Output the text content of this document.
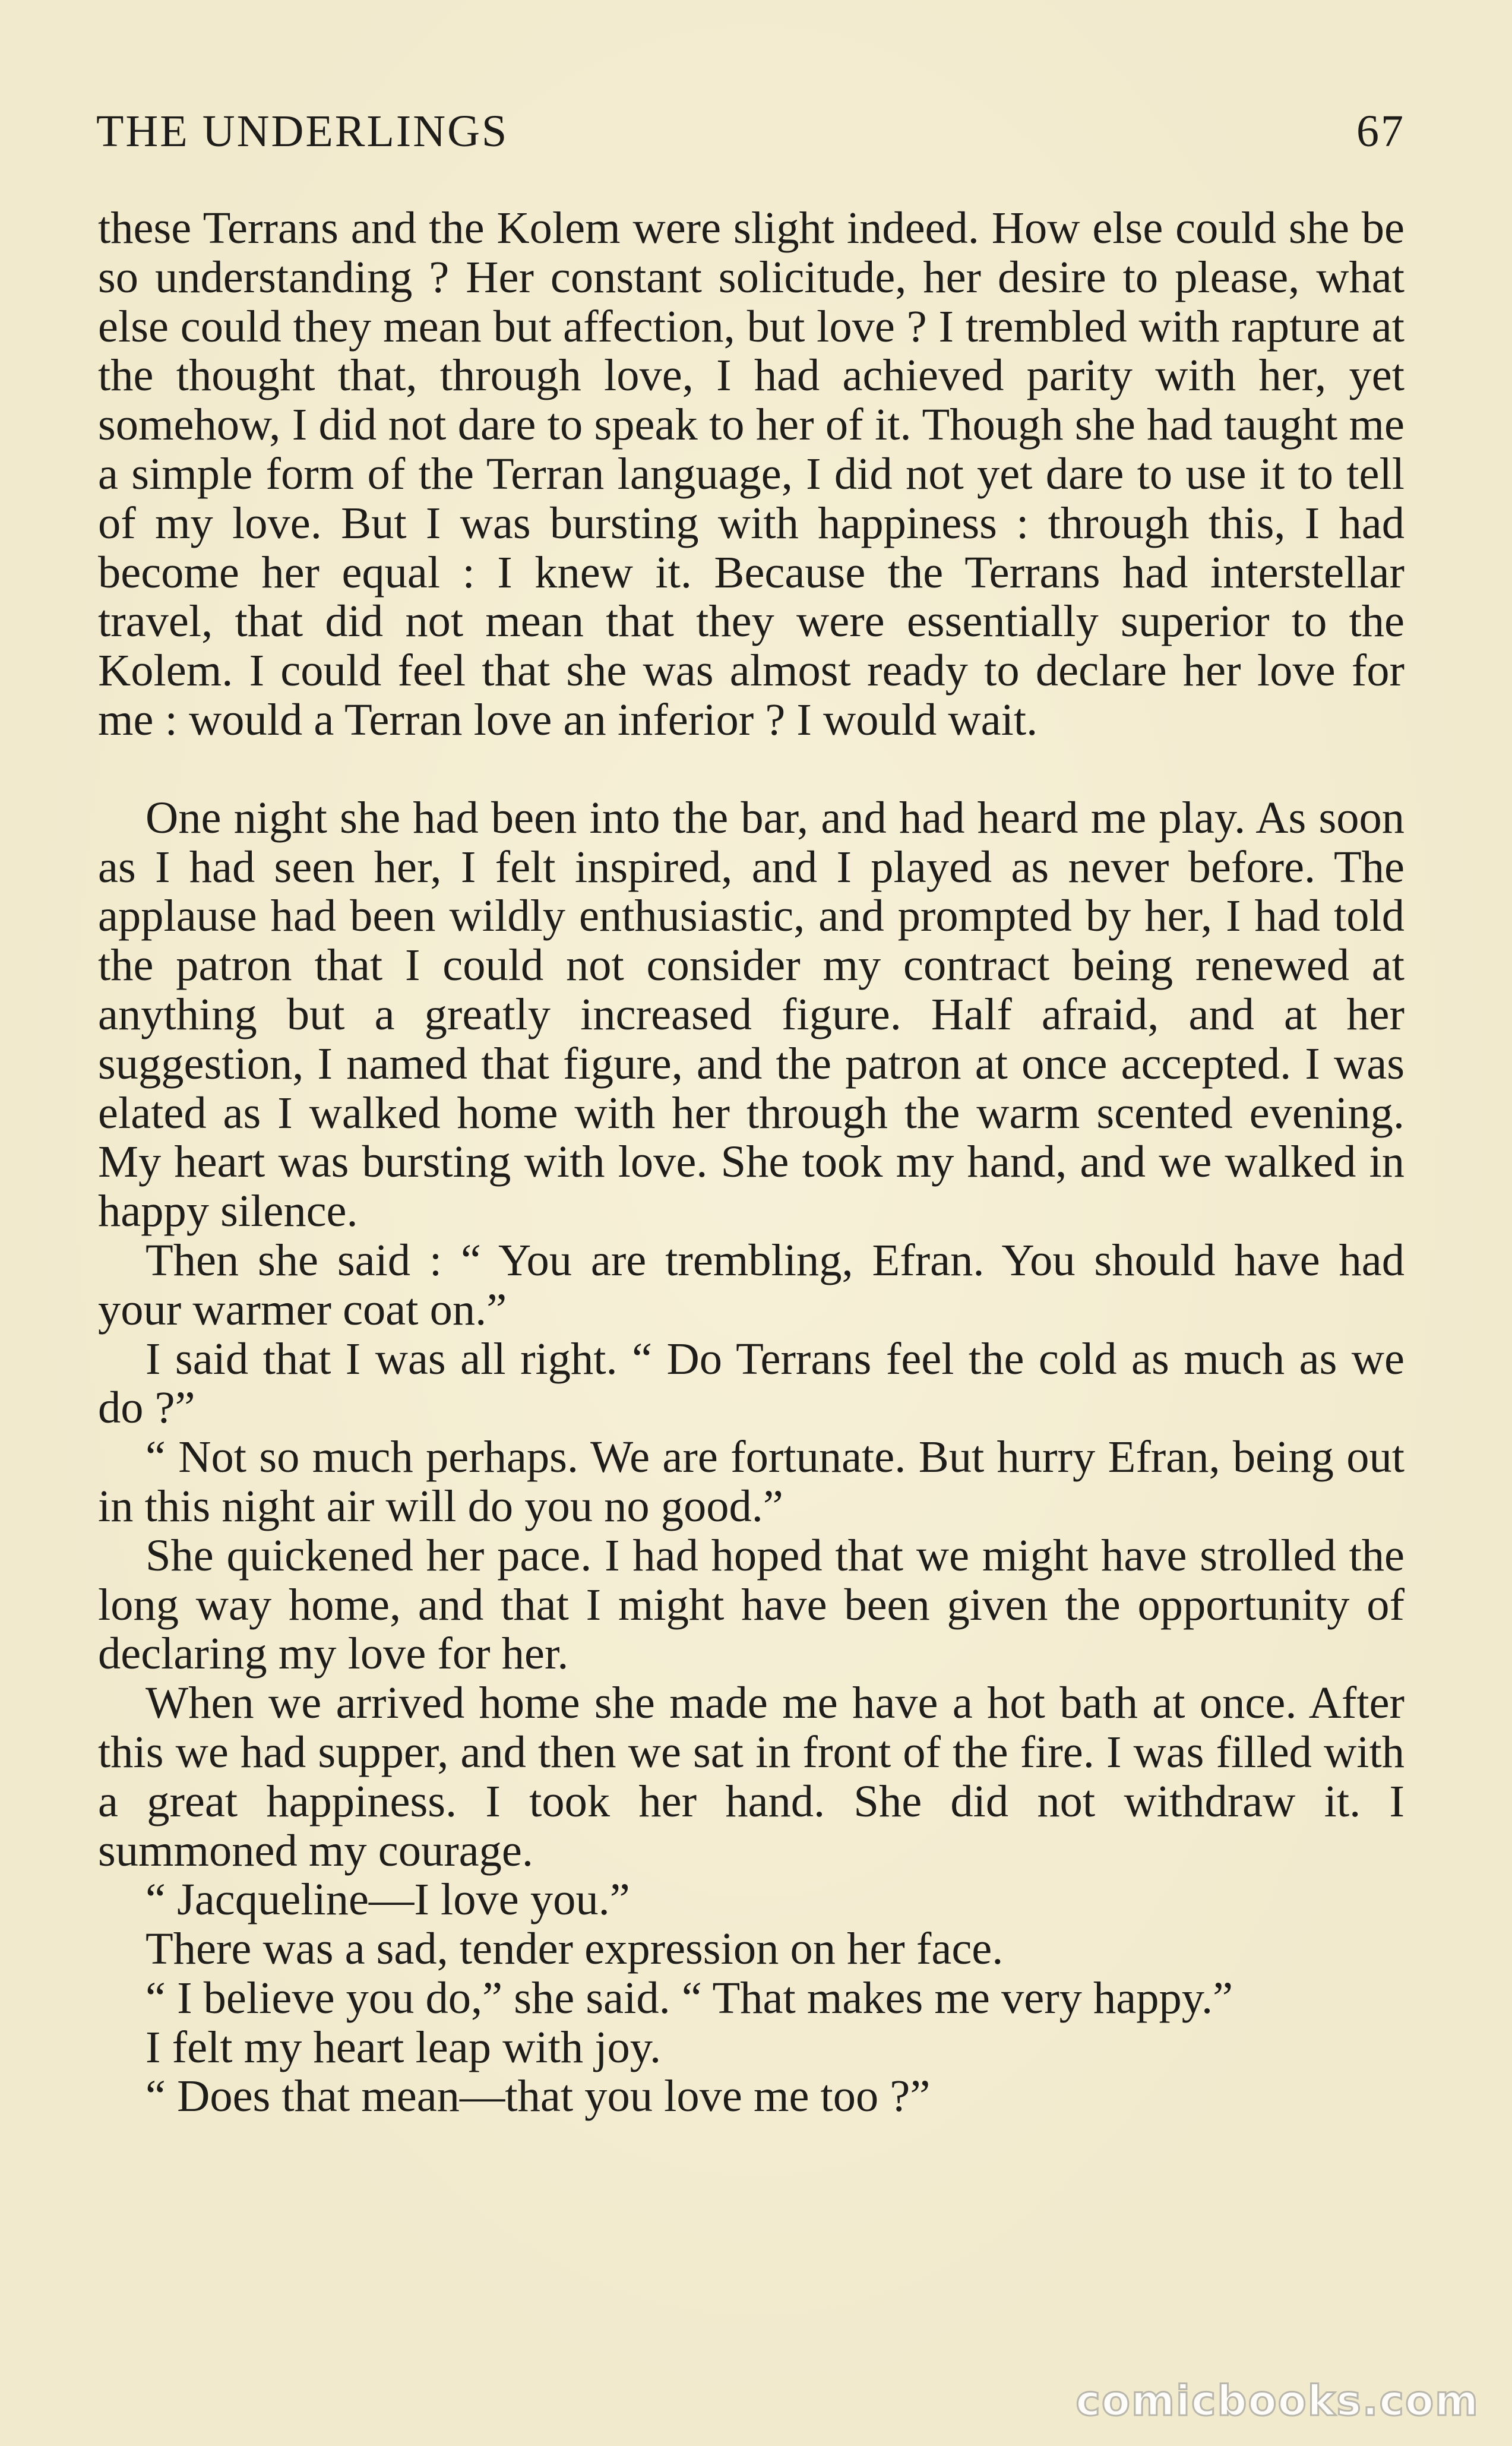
THE UNDERLINGS	67

these Terrans and the Kolem were slight indeed. How else could she be so understanding ? Her constant solicitude, her desire to please, what else could they mean but affection, but love ? I trembled with rapture at the thought that, through love, I had achieved parity with her, yet somehow, I did not dare to speak to her of it. Though she had taught me a simple form of the Terran language, I did not yet dare to use it to tell of my love. But I was bursting with happiness : through this, I had become her equal : I knew it. Because the Terrans had interstellar travel, that did not mean that they were essentially superior to the Kolem. I could feel that she was almost ready to declare her love for me : would a Terran love an inferior ? I would wait.

One night she had been into the bar, and had heard me play. As soon as I had seen her, I felt inspired, and I played as never before. The applause had been wildly enthusiastic, and prompted by her, I had told the patron that I could not consider my contract being renewed at anything but a greatly increased figure. Half afraid, and at her suggestion, I named that figure, and the patron at once accepted. I was elated as I walked home with her through the warm scented evening. My heart was bursting with love. She took my hand, and we walked in happy silence.

Then she said : “ You are trembling, Efran. You should have had your warmer coat on.”

I said that I was all right. “ Do Terrans feel the cold as much as we do ?”

“ Not so much perhaps. We are fortunate. But hurry Efran, being out in this night air will do you no good.”

She quickened her pace. I had hoped that we might have strolled the long way home, and that I might have been given the opportunity of declaring my love for her.

When we arrived home she made me have a hot bath at once. After this we had supper, and then we sat in front of the fire. I was filled with a great happiness. I took her hand. She did not withdraw it. I summoned my courage.

“ Jacqueline—I love you.”

There was a sad, tender expression on her face.

“ I believe you do,” she said. “ That makes me very happy.”

I felt my heart leap with joy.

“ Does that mean—that you love me too ?”

comicbooks.com
